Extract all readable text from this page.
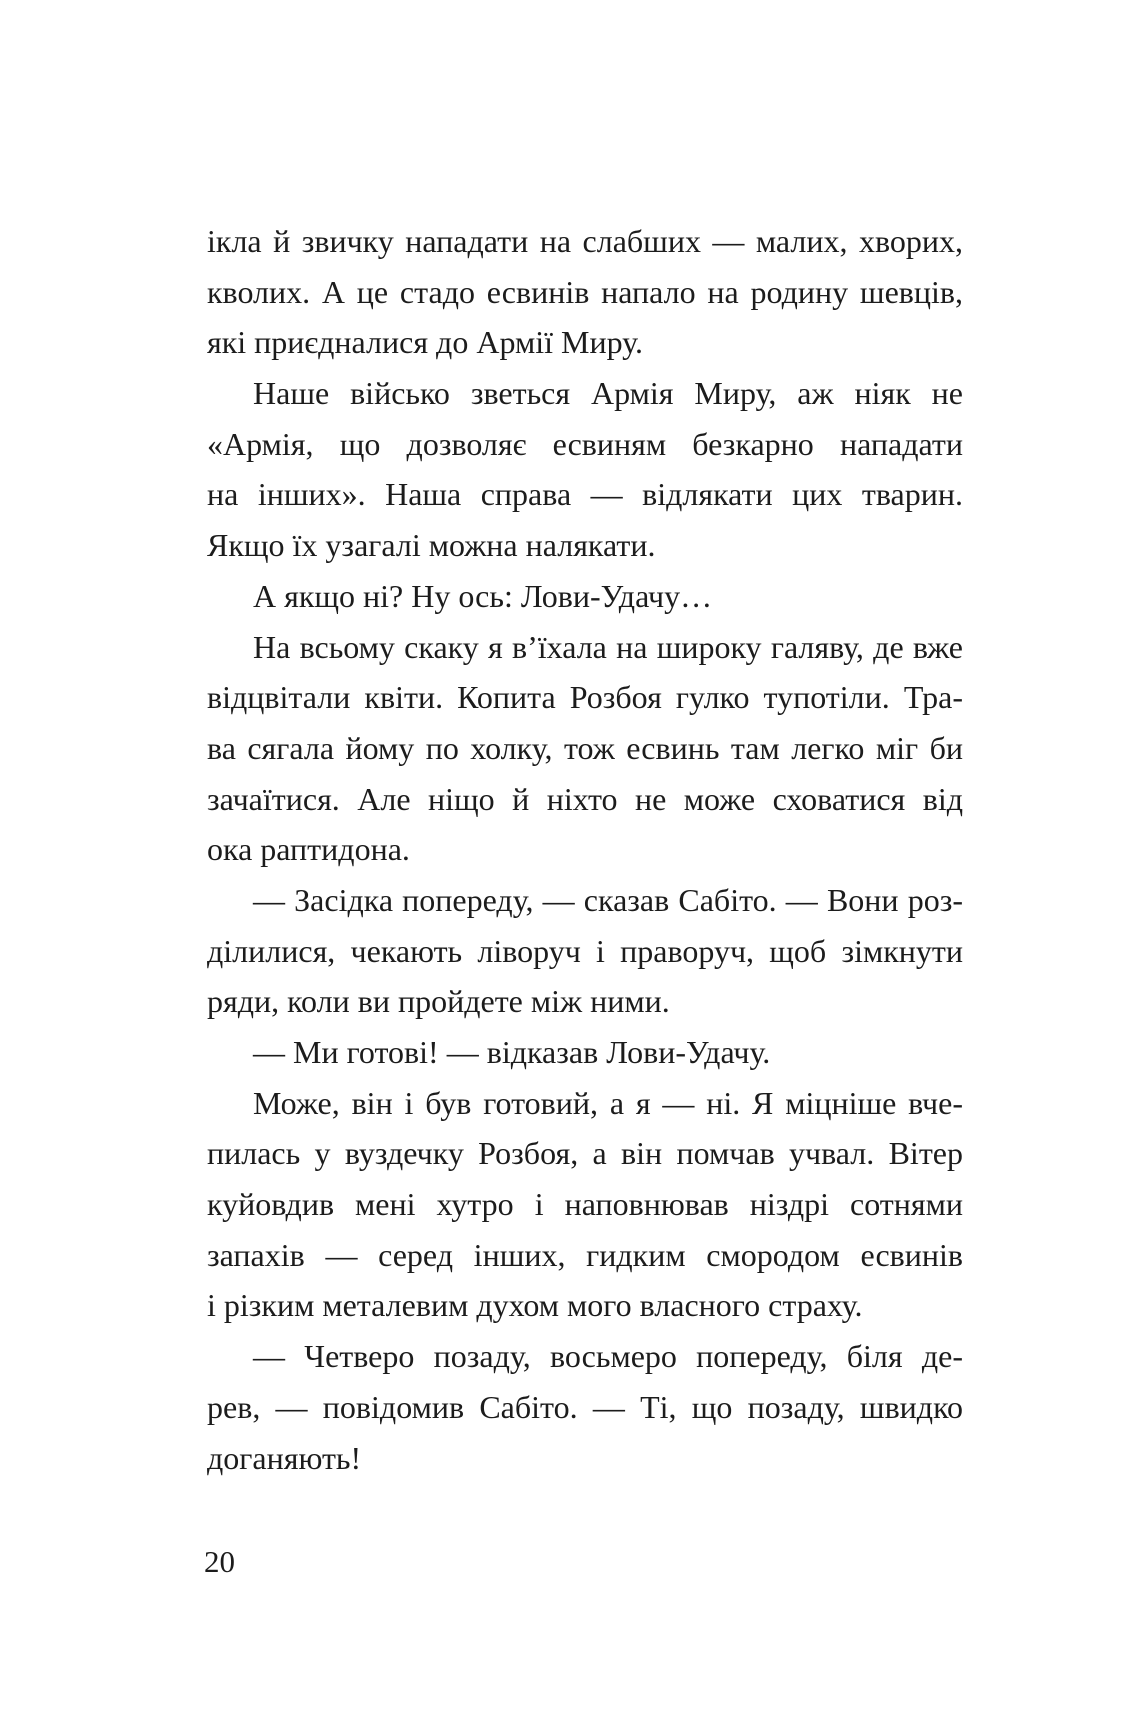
ікла й звичку нападати на слабших — малих, хворих,
кволих. А це стадо есвинів напало на родину шевців,
які приєдналися до Армії Миру.
Наше військо зветься Армія Миру, аж ніяк не
«Армія, що дозволяє есвиням безкарно нападати
на інших». Наша справа — відлякати цих тварин.
Якщо їх узагалі можна налякати.
А якщо ні? Ну ось: Лови-Удачу…
На всьому скаку я в’їхала на широку галяву, де вже
відцвітали квіти. Копита Розбоя гулко тупотіли. Тра-
ва сягала йому по холку, тож есвинь там легко міг би
зачаїтися. Але ніщо й ніхто не може сховатися від
ока раптидона.
— Засідка попереду, — сказав Сабіто. — Вони роз-
ділилися, чекають ліворуч і праворуч, щоб зімкнути
ряди, коли ви пройдете між ними.
— Ми готові! — відказав Лови-Удачу.
Може, він і був готовий, а я — ні. Я міцніше вче-
пилась у вуздечку Розбоя, а він помчав учвал. Вітер
куйовдив мені хутро і наповнював ніздрі сотнями
запахів — серед інших, гидким смородом есвинів
і різким металевим духом мого власного страху.
— Четверо позаду, восьмеро попереду, біля де-
рев, — повідомив Сабіто. — Ті, що позаду, швидко
доганяють!
20
